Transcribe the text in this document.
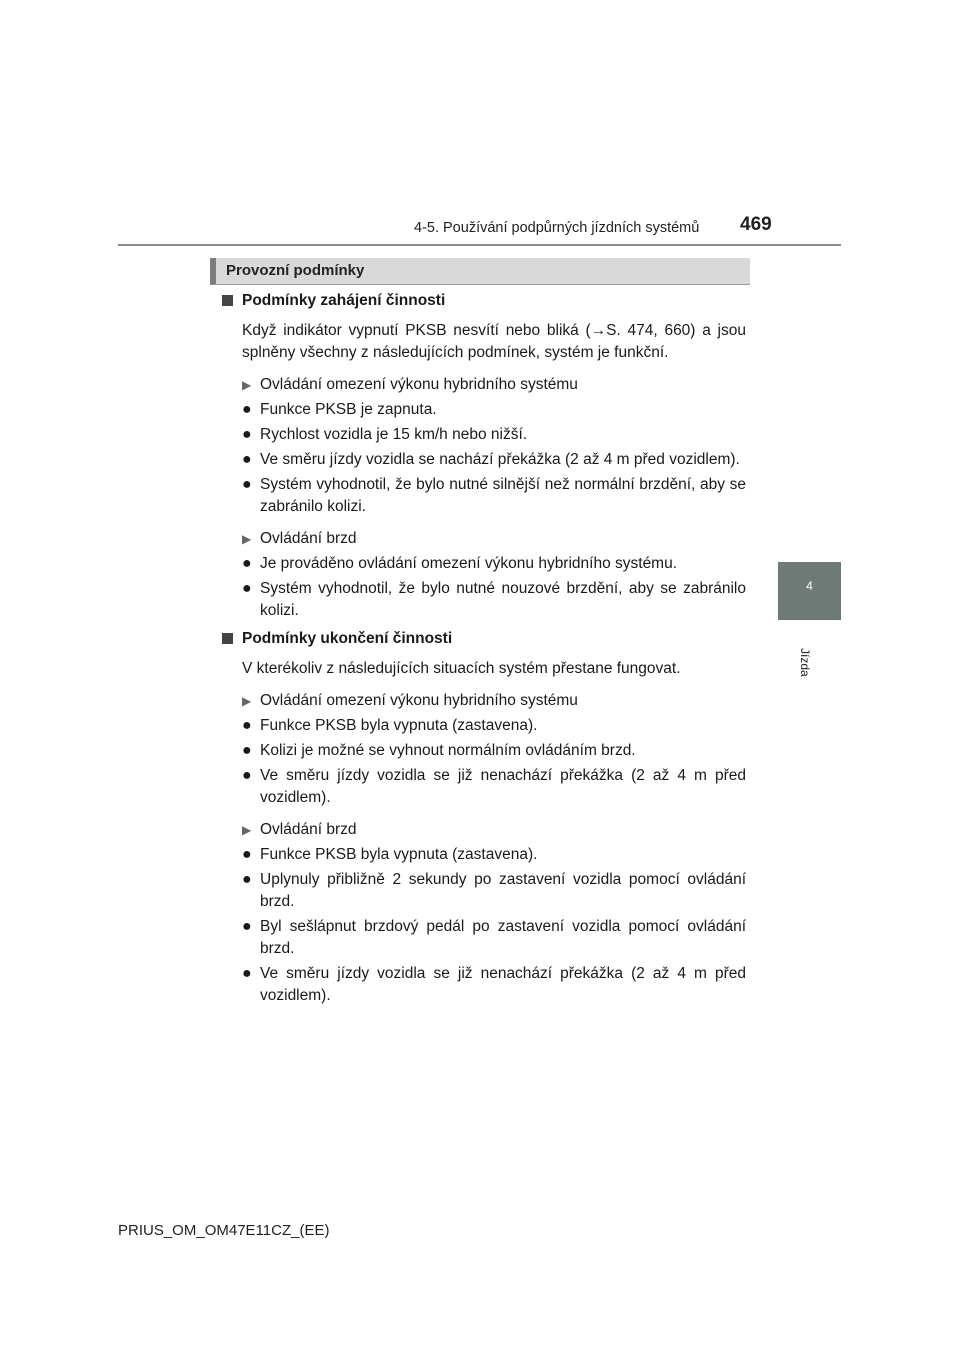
4-5. Používání podpůrných jízdních systémů 469
4
Jízda
Provozní podmínky
Podmínky zahájení činnosti
Když indikátor vypnutí PKSB nesvítí nebo bliká (→S. 474, 660) a jsou splněny všechny z následujících podmínek, systém je funkční.
▶ Ovládání omezení výkonu hybridního systému
● Funkce PKSB je zapnuta.
● Rychlost vozidla je 15 km/h nebo nižší.
● Ve směru jízdy vozidla se nachází překážka (2 až 4 m před vozidlem).
● Systém vyhodnotil, že bylo nutné silnější než normální brzdění, aby se zabránilo kolizi.
▶ Ovládání brzd
● Je prováděno ovládání omezení výkonu hybridního systému.
● Systém vyhodnotil, že bylo nutné nouzové brzdění, aby se zabránilo kolizi.
Podmínky ukončení činnosti
V kterékoliv z následujících situacích systém přestane fungovat.
▶ Ovládání omezení výkonu hybridního systému
● Funkce PKSB byla vypnuta (zastavena).
● Kolizi je možné se vyhnout normálním ovládáním brzd.
● Ve směru jízdy vozidla se již nenachází překážka (2 až 4 m před vozidlem).
▶ Ovládání brzd
● Funkce PKSB byla vypnuta (zastavena).
● Uplynuly přibližně 2 sekundy po zastavení vozidla pomocí ovládání brzd.
● Byl sešlápnut brzdový pedál po zastavení vozidla pomocí ovládání brzd.
● Ve směru jízdy vozidla se již nenachází překážka (2 až 4 m před vozidlem).
PRIUS_OM_OM47E11CZ_(EE)
